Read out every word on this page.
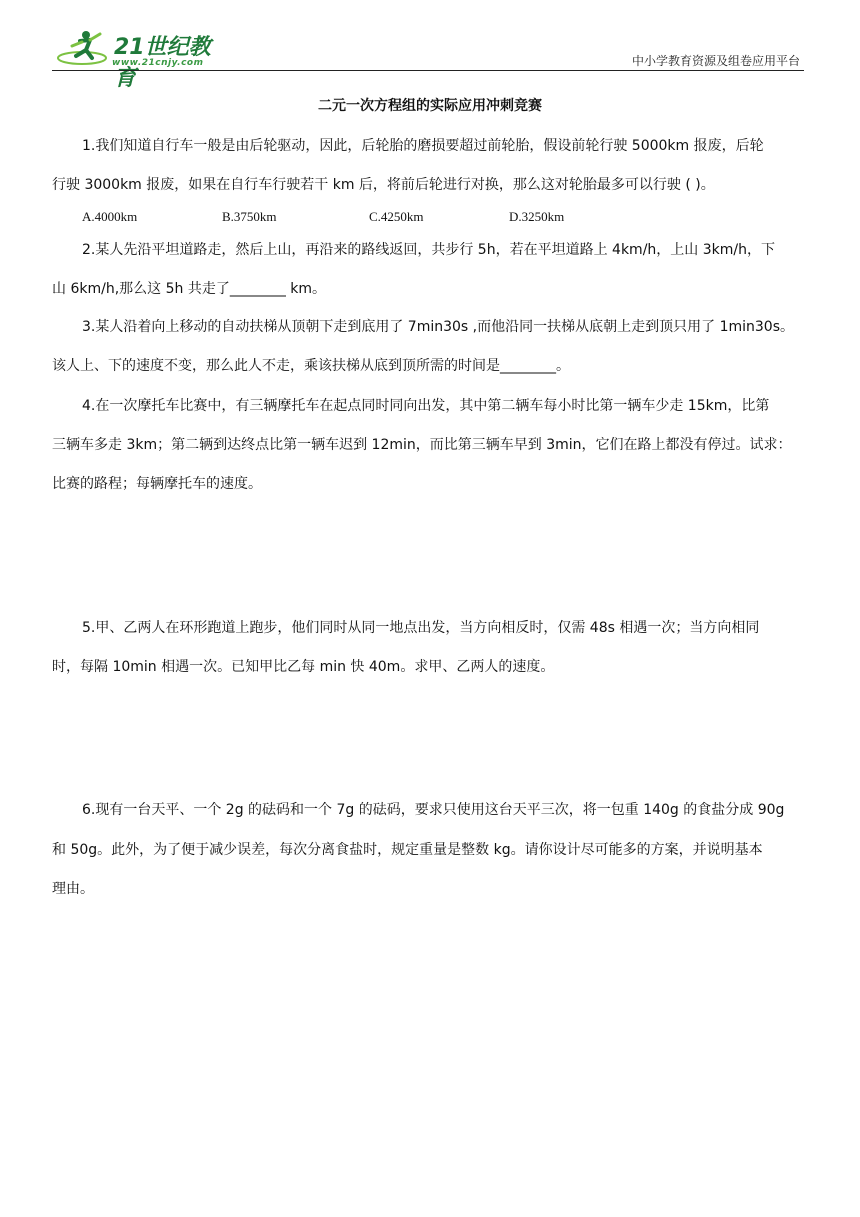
21世纪教育
www.21cnjy.com	中小学教育资源及组卷应用平台
二元一次方程组的实际应用冲刺竞赛
1.我们知道自行车一般是由后轮驱动，因此，后轮胎的磨损要超过前轮胎，假设前轮行驶 5000km 报废，后轮
行驶 3000km 报废，如果在自行车行驶若干 km 后，将前后轮进行对换，那么这对轮胎最多可以行驶 ( )。
A.4000km	B.3750km	C.4250km	D.3250km
2.某人先沿平坦道路走，然后上山，再沿来的路线返回，共步行 5h，若在平坦道路上 4km/h，上山 3km/h，下
山 6km/h,那么这 5h 共走了________ km。
3.某人沿着向上移动的自动扶梯从顶朝下走到底用了 7min30s ,而他沿同一扶梯从底朝上走到顶只用了 1min30s。
该人上、下的速度不变，那么此人不走，乘该扶梯从底到顶所需的时间是________。
4.在一次摩托车比赛中，有三辆摩托车在起点同时同向出发，其中第二辆车每小时比第一辆车少走 15km，比第
三辆车多走 3km；第二辆到达终点比第一辆车迟到 12min，而比第三辆车早到 3min，它们在路上都没有停过。试求：
比赛的路程；每辆摩托车的速度。
5.甲、乙两人在环形跑道上跑步，他们同时从同一地点出发，当方向相反时，仅需 48s 相遇一次；当方向相同
时，每隔 10min 相遇一次。已知甲比乙每 min 快 40m。求甲、乙两人的速度。
6.现有一台天平、一个 2g 的砝码和一个 7g 的砝码，要求只使用这台天平三次，将一包重 140g 的食盐分成 90g
和 50g。此外，为了便于减少误差，每次分离食盐时，规定重量是整数 kg。请你设计尽可能多的方案，并说明基本
理由。
